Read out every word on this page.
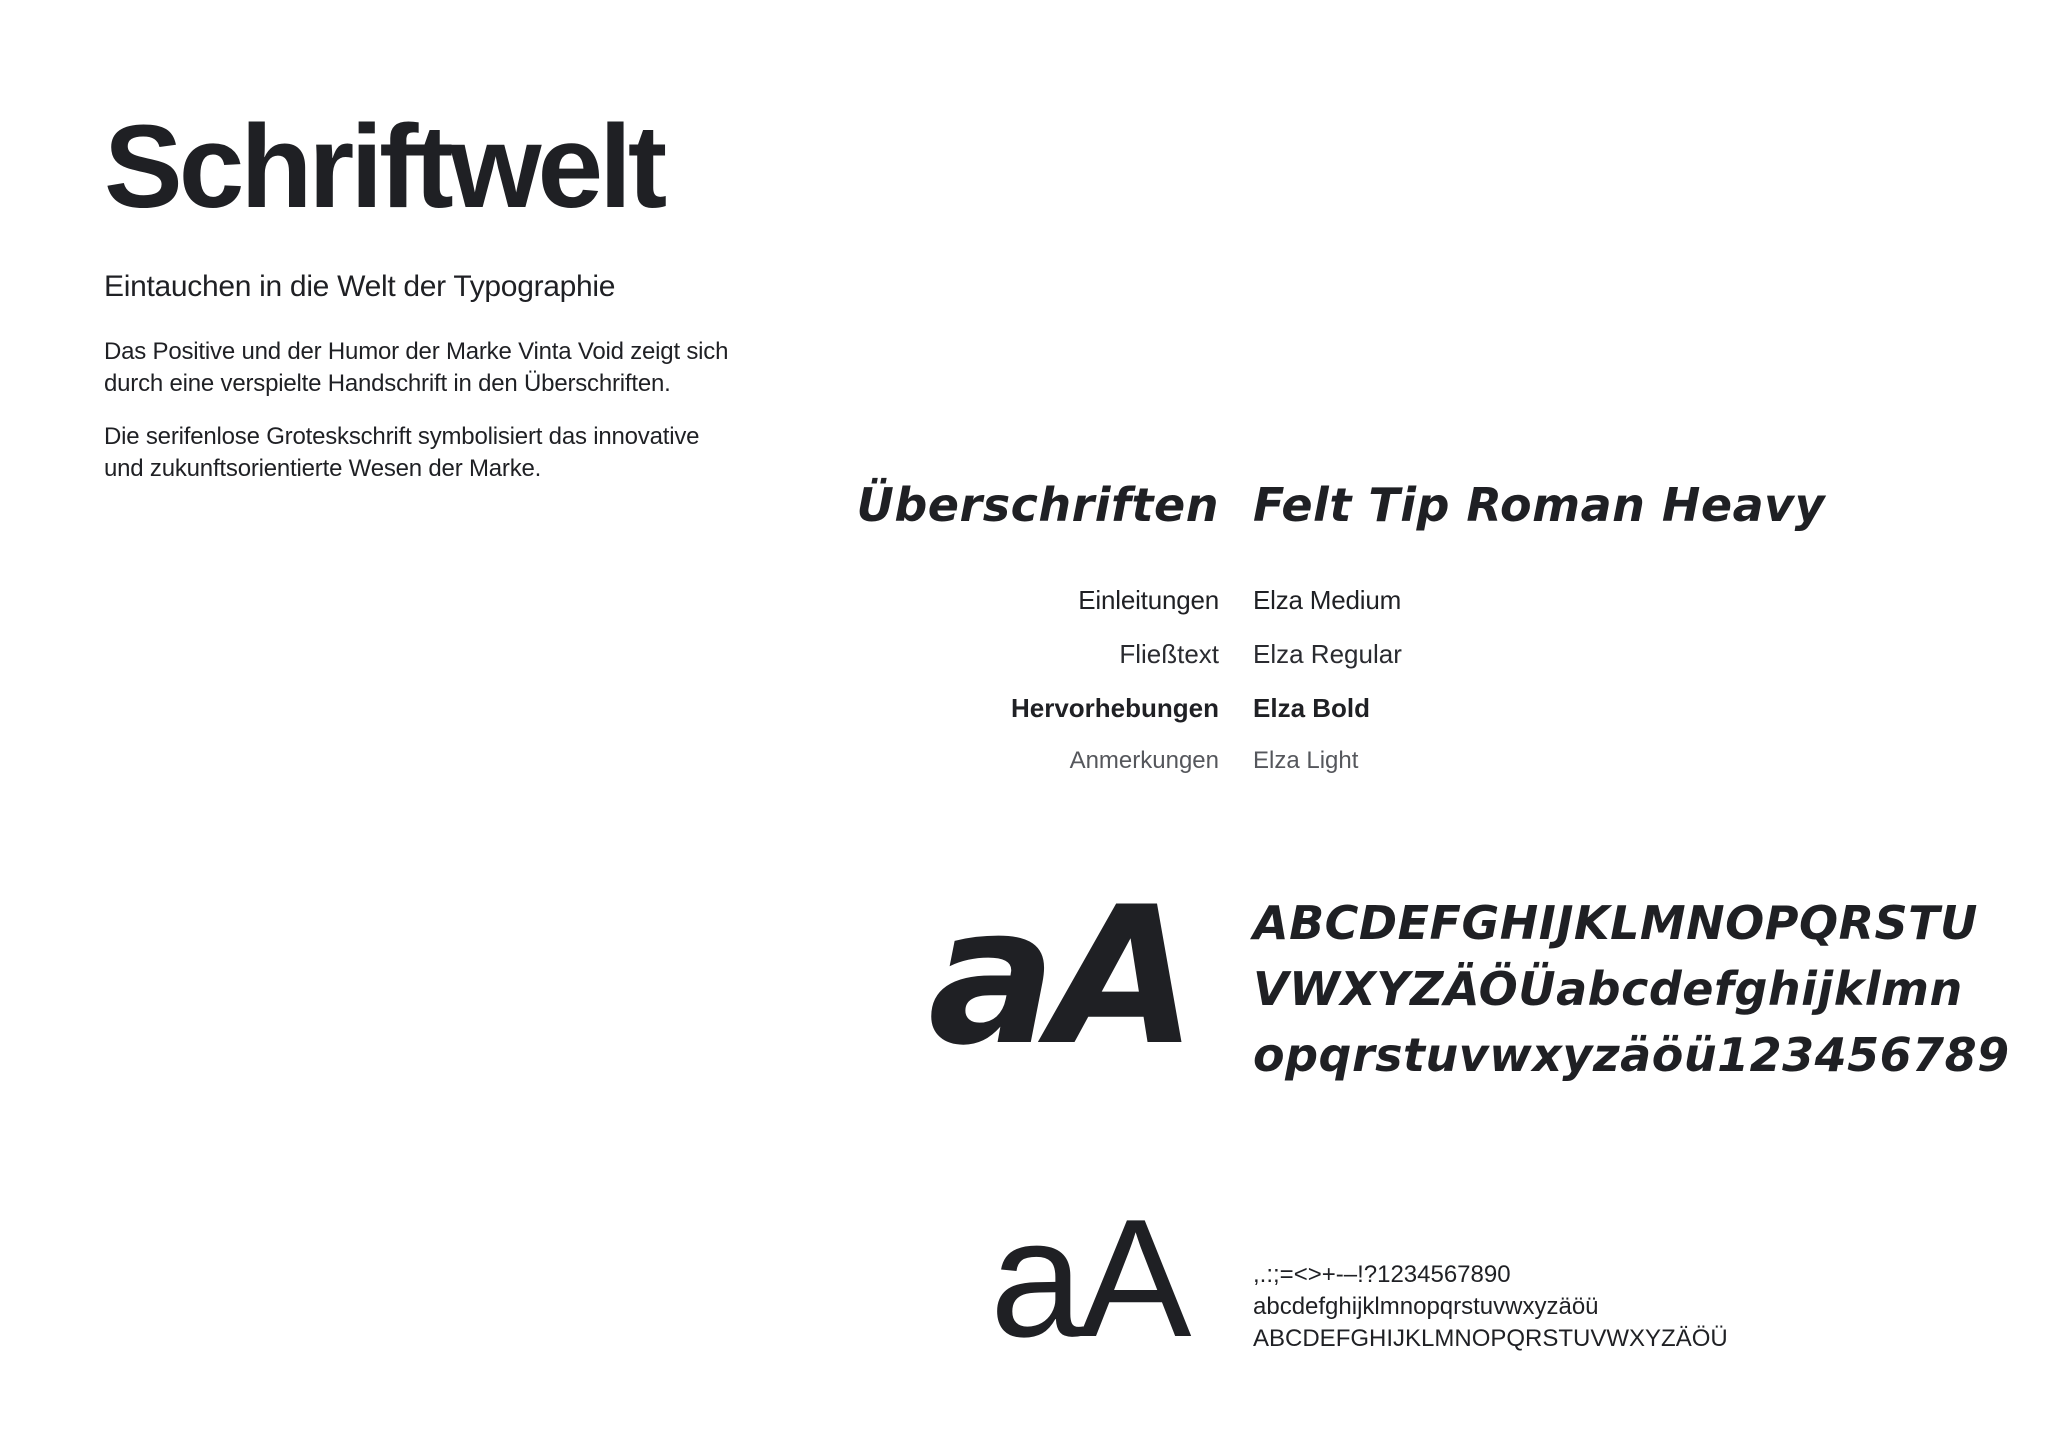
Schriftwelt
Eintauchen in die Welt der Typographie

Das Positive und der Humor der Marke Vinta Void zeigt sich
durch eine verspielte Handschrift in den Überschriften.

Die serifenlose Groteskschrift symbolisiert das innovative
und zukunftsorientierte Wesen der Marke.

Überschriften Felt Tip Roman Heavy
Einleitungen Elza Medium
Fließtext Elza Regular
Hervorhebungen Elza Bold
Anmerkungen Elza Light
aA ABCDEFGHIJKLMNOPQRSTU
VWXYZÄÖÜabcdefghijklmn
opqrstuvwxyzäöü123456789
aA	,.:;=<>+-–!?1234567890
abcdefghijklmnopqrstuvwxyzäöü
ABCDEFGHIJKLMNOPQRSTUVWXYZÄÖÜ
